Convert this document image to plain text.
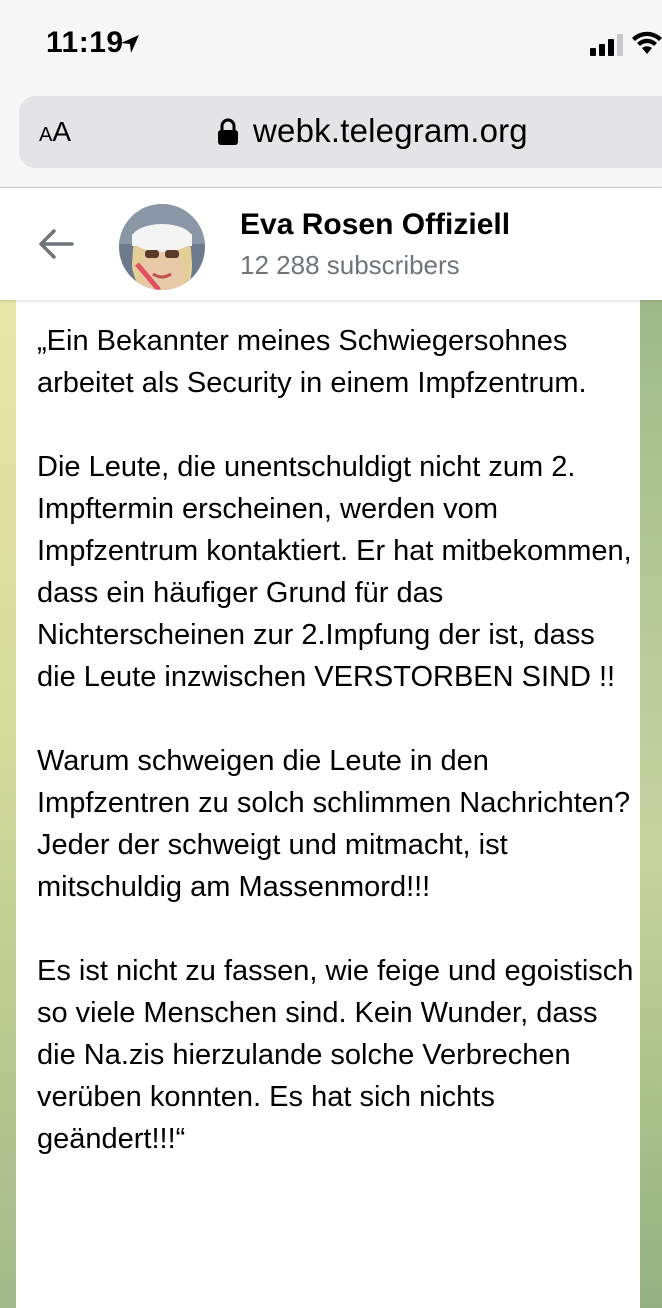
11:19
AA	webk.telegram.org
Eva Rosen Offiziell
12 288 subscribers

„Ein Bekannter meines Schwiegersohnes arbeitet als Security in einem Impfzentrum.

Die Leute, die unentschuldigt nicht zum 2. Impftermin erscheinen, werden vom Impfzentrum kontaktiert. Er hat mitbekommen, dass ein häufiger Grund für das Nichterscheinen zur 2.Impfung der ist, dass die Leute inzwischen VERSTORBEN SIND !!

Warum schweigen die Leute in den Impfzentren zu solch schlimmen Nachrichten? Jeder der schweigt und mitmacht, ist mitschuldig am Massenmord!!!

Es ist nicht zu fassen, wie feige und egoistisch so viele Menschen sind. Kein Wunder, dass die Na.zis hierzulande solche Verbrechen verüben konnten. Es hat sich nichts geändert!!!“
